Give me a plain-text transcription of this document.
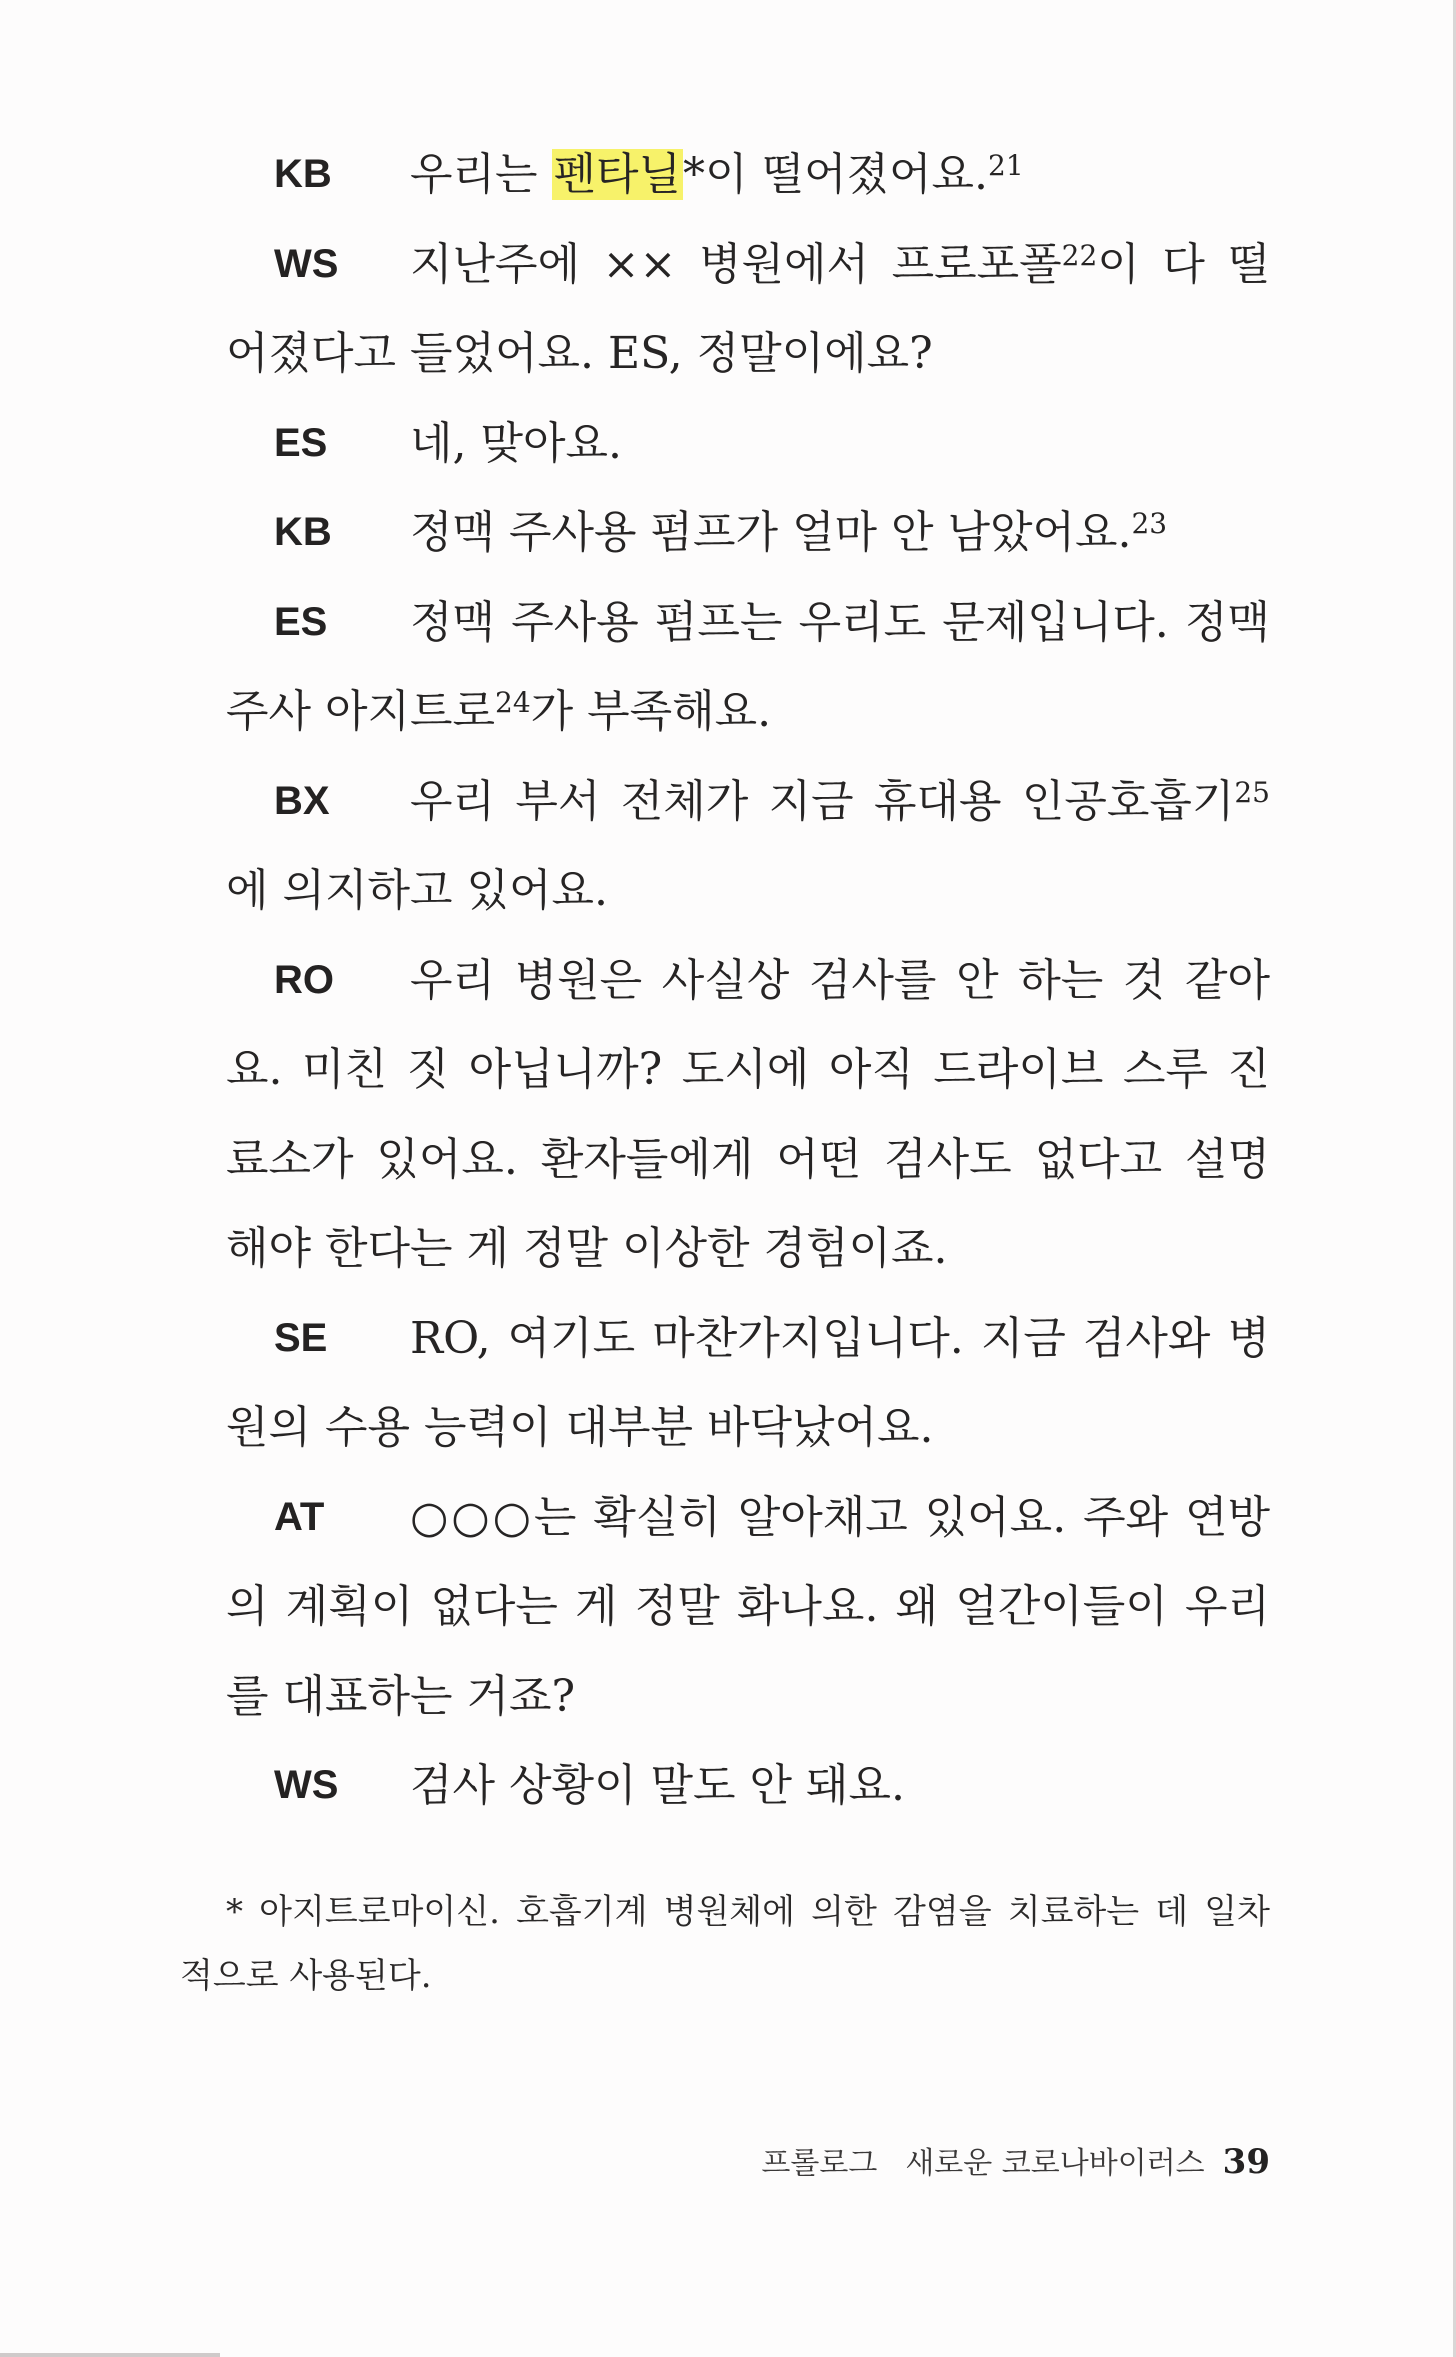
KB 우리는 펜타닐*이 떨어졌어요.$^{21}$
WS 지난주에 ×× 병원에서 프로포폴$^{22}$이 다 떨
어졌다고 들었어요. ES, 정말이에요?
ES 네, 맞아요.
KB 정맥 주사용 펌프가 얼마 안 남았어요.$^{23}$
ES 정맥 주사용 펌프는 우리도 문제입니다. 정맥
주사 아지트로$^{24}$가 부족해요.
BX 우리 부서 전체가 지금 휴대용 인공호흡기$^{25}$
에 의지하고 있어요.
RO 우리 병원은 사실상 검사를 안 하는 것 같아
요. 미친 짓 아닙니까? 도시에 아직 드라이브 스루 진
료소가 있어요. 환자들에게 어떤 검사도 없다고 설명
해야 한다는 게 정말 이상한 경험이죠.
SE RO, 여기도 마찬가지입니다. 지금 검사와 병
원의 수용 능력이 대부분 바닥났어요.
AT ○○○는 확실히 알아채고 있어요. 주와 연방
의 계획이 없다는 게 정말 화나요. 왜 얼간이들이 우리
를 대표하는 거죠?
WS 검사 상황이 말도 안 돼요.
* 아지트로마이신. 호흡기계 병원체에 의한 감염을 치료하는 데 일차
적으로 사용된다.
프롤로그 새로운 코로나바이러스 39
